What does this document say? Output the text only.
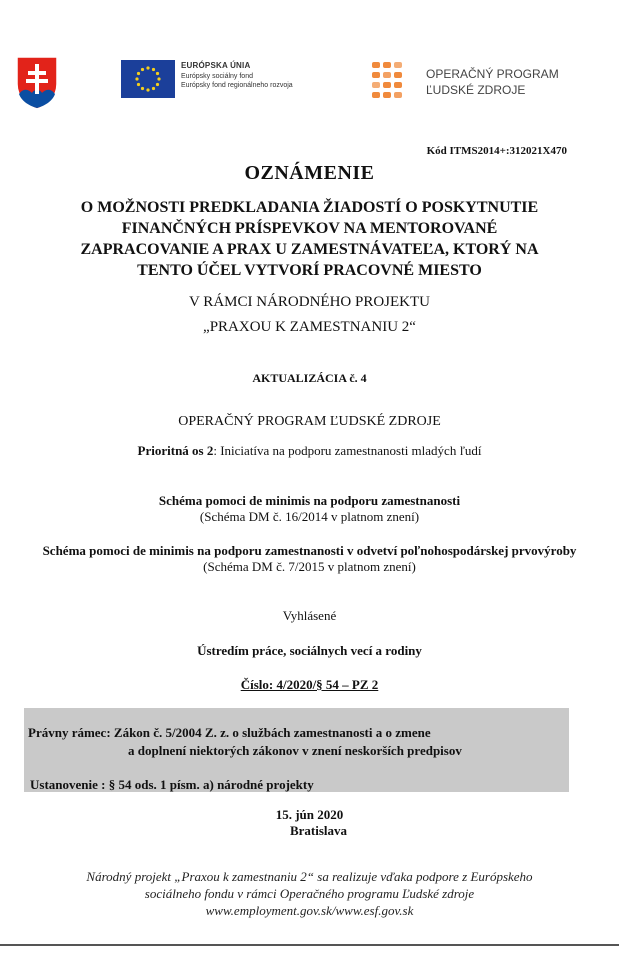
EURÓPSKA ÚNIA
Európsky sociálny fond
Európsky fond regionálneho rozvoja
OPERAČNÝ PROGRAM
ĽUDSKÉ ZDROJE
Kód ITMS2014+:312021X470
OZNÁMENIE
O MOŽNOSTI PREDKLADANIA ŽIADOSTÍ O POSKYTNUTIE FINANČNÝCH PRÍSPEVKOV NA MENTOROVANÉ ZAPRACOVANIE A PRAX U ZAMESTNÁVATEĽA, KTORÝ NA TENTO ÚČEL VYTVORÍ PRACOVNÉ MIESTO
V RÁMCI NÁRODNÉHO PROJEKTU
„PRAXOU K ZAMESTNANIU 2“
AKTUALIZÁCIA č. 4
OPERAČNÝ PROGRAM ĽUDSKÉ ZDROJE
Prioritná os 2: Iniciatíva na podporu zamestnanosti mladých ľudí
Schéma pomoci de minimis na podporu zamestnanosti
(Schéma DM č. 16/2014 v platnom znení)
Schéma pomoci de minimis na podporu zamestnanosti v odvetví poľnohospodárskej prvovýroby
(Schéma DM č. 7/2015 v platnom znení)
Vyhlásené
Ústredím práce, sociálnych vecí a rodiny
Číslo: 4/2020/§ 54 – PZ 2
Právny rámec: Zákon č. 5/2004 Z. z. o službách zamestnanosti a o zmene
a doplnení niektorých zákonov v znení neskorších predpisov
Ustanovenie : § 54 ods. 1 písm. a) národné projekty
15. jún 2020
Bratislava
Národný projekt „Praxou k zamestnaniu 2“ sa realizuje vďaka podpore z Európskeho
sociálneho fondu v rámci Operačného programu Ľudské zdroje
www.employment.gov.sk/www.esf.gov.sk
